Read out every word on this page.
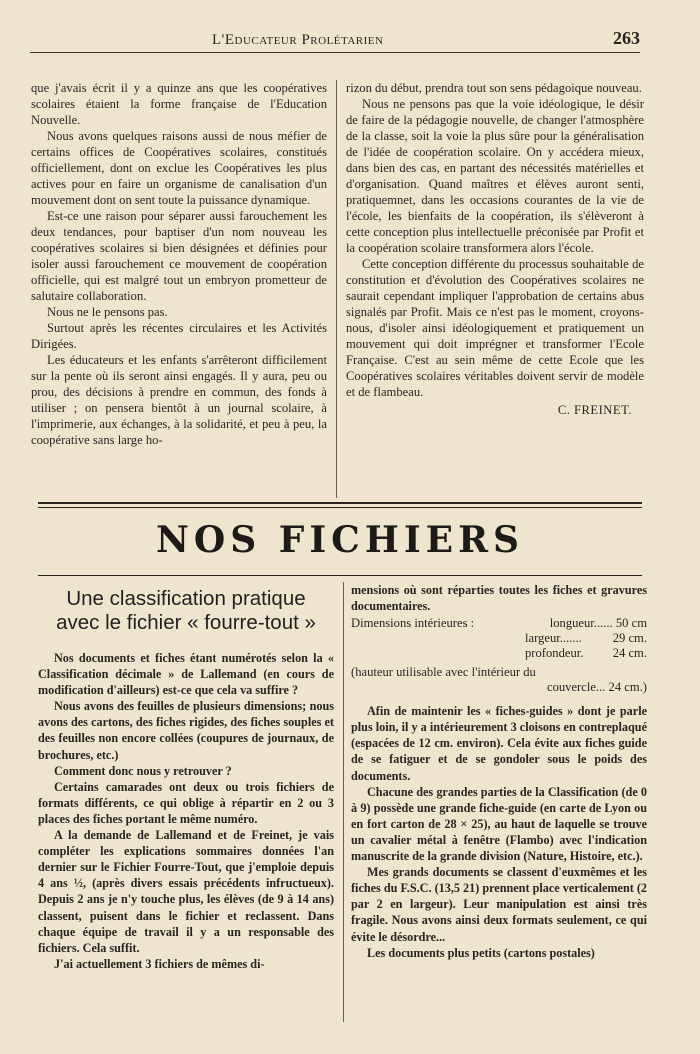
L'Educateur Prolétarien	263

que j'avais écrit il y a quinze ans que les coopératives scolaires étaient la forme française de l'Education Nouvelle.

Nous avons quelques raisons aussi de nous méfier de certains offices de Coopératives scolaires, constitués officiellement, dont on exclue les Coopératives les plus actives pour en faire un organisme de canalisation d'un mouvement dont on sent toute la puissance dynamique.

Est-ce une raison pour séparer aussi farouchement les deux tendances, pour baptiser d'un nom nouveau les coopératives scolaires si bien désignées et définies pour isoler aussi farouchement ce mouvement de coopération officielle, qui est malgré tout un embryon prometteur de salutaire collaboration.

Nous ne le pensons pas.

Surtout après les récentes circulaires et les Activités Dirigées.

Les éducateurs et les enfants s'arrêteront difficilement sur la pente où ils seront ainsi engagés. Il y aura, peu ou prou, des décisions à prendre en commun, des fonds à utiliser ; on pensera bientôt à un journal scolaire, à l'imprimerie, aux échanges, à la solidarité, et peu à peu, la coopérative sans large ho-

rizon du début, prendra tout son sens pédagoique nouveau.

Nous ne pensons pas que la voie idéologique, le désir de faire de la pédagogie nouvelle, de changer l'atmosphère de la classe, soit la voie la plus sûre pour la généralisation de l'idée de coopération scolaire. On y accédera mieux, dans bien des cas, en partant des nécessités matérielles et d'organisation. Quand maîtres et élèves auront senti, pratiquemnet, dans les occasions courantes de la vie de l'école, les bienfaits de la coopération, ils s'élèveront à cette conception plus intellectuelle préconisée par Profit et la coopération scolaire transformera alors l'école.

Cette conception différente du processus souhaitable de constitution et d'évolution des Coopératives scolaires ne saurait cependant impliquer l'approbation de certains abus signalés par Profit. Mais ce n'est pas le moment, croyons-nous, d'isoler ainsi idéologiquement et pratiquement un mouvement qui doit imprégner et transformer l'Ecole Française. C'est au sein même de cette Ecole que les Coopératives scolaires véritables doivent servir de modèle et de flambeau.

C. FREINET.
NOS FICHIERS
Une classification pratique
avec le fichier « fourre-tout »

Nos documents et fiches étant numérotés selon la « Classification décimale » de Lallemand (en cours de modification d'ailleurs) est-ce que cela va suffire ?

Nous avons des feuilles de plusieurs dimensions; nous avons des cartons, des fiches rigides, des fiches souples et des feuilles non encore collées (coupures de journaux, de brochures, etc.)

Comment donc nous y retrouver ?

Certains camarades ont deux ou trois fichiers de formats différents, ce qui oblige à répartir en 2 ou 3 places des fiches portant le même numéro.

A la demande de Lallemand et de Freinet, je vais compléter les explications sommaires données l'an dernier sur le Fichier Fourre-Tout, que j'emploie depuis 4 ans ½, (après divers essais précédents infructueux). Depuis 2 ans je n'y touche plus, les élèves (de 9 à 14 ans) classent, puisent dans le fichier et reclassent. Dans chaque équipe de travail il y a un responsable des fichiers. Cela suffit.

J'ai actuellement 3 fichiers de mêmes di-

mensions où sont réparties toutes les fiches et gravures documentaires.

Dimensions intérieures :	longueur...... 50 cm
largeur....... 29 cm.
profondeur. 24 cm.
(hauteur utilisable avec l'intérieur du
couvercle... 24 cm.)

Afin de maintenir les « fiches-guides » dont je parle plus loin, il y a intérieurement 3 cloisons en contreplaqué (espacées de 12 cm. environ). Cela évite aux fiches guide de se fatiguer et de se gondoler sous le poids des documents.

Chacune des grandes parties de la Classification (de 0 à 9) possède une grande fiche-guide (en carte de Lyon ou en fort carton de 28 × 25), au haut de laquelle se trouve un cavalier métal à fenêtre (Flambo) avec l'indication manuscrite de la grande division (Nature, Histoire, etc.).

Mes grands documents se classent d'euxmêmes et les fiches du F.S.C. (13,5 21) prennent place verticalement (2 par 2 en largeur). Leur manipulation est ainsi très fragile. Nous avons ainsi deux formats seulement, ce qui évite le désordre...

Les documents plus petits (cartons postales)
